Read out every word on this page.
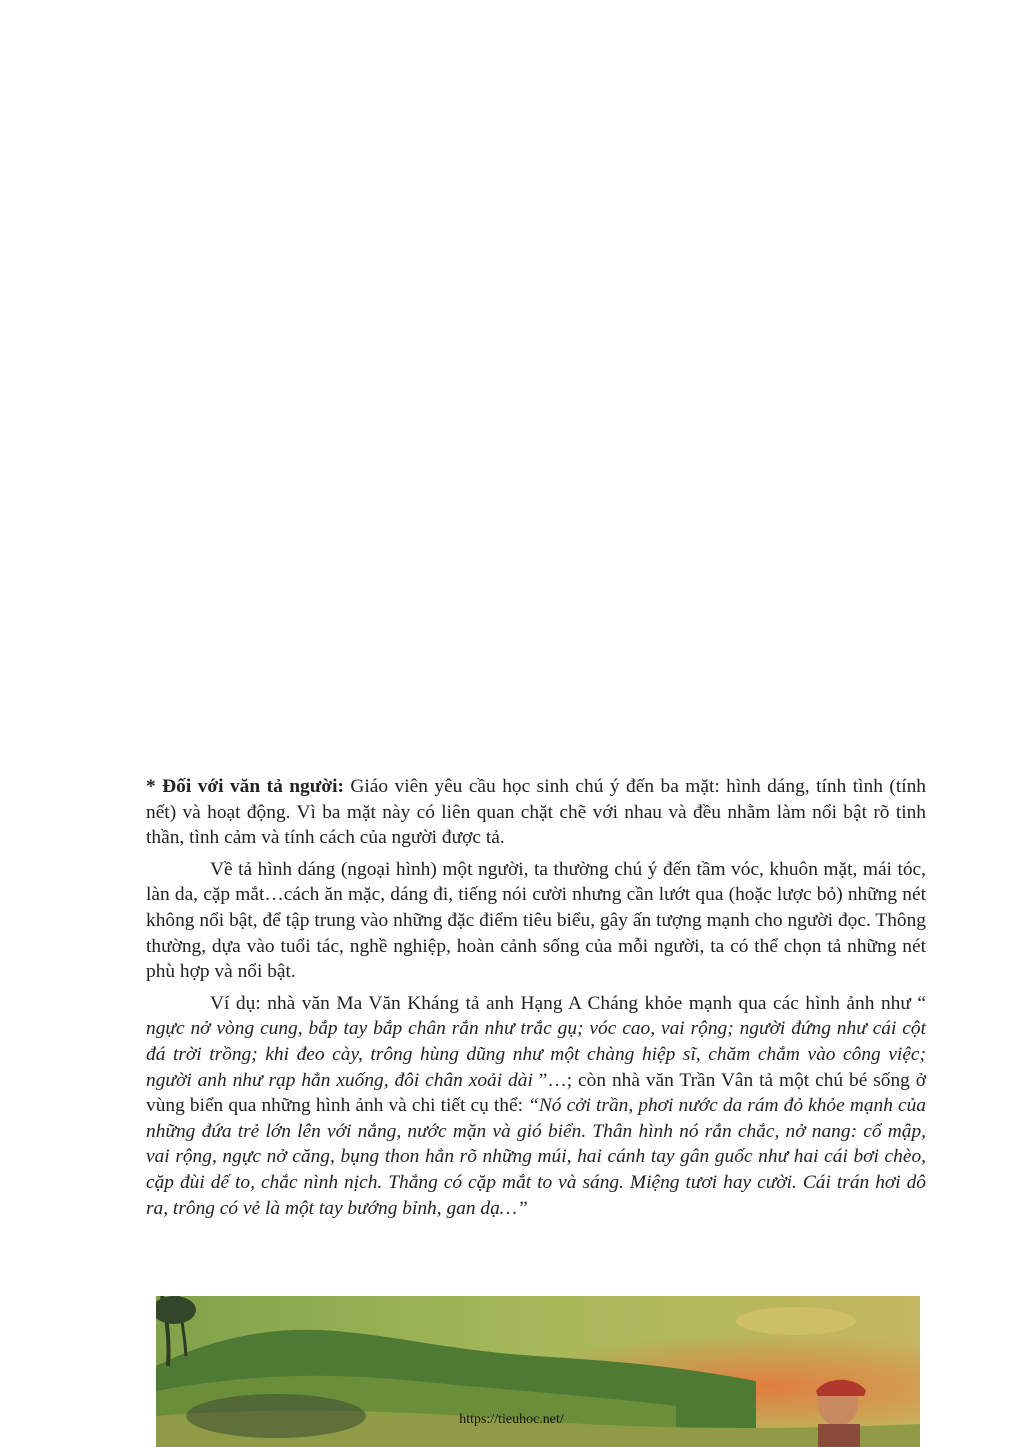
* Đối với văn tả người: Giáo viên yêu cầu học sinh chú ý đến ba mặt: hình dáng, tính tình (tính nết) và hoạt động. Vì ba mặt này có liên quan chặt chẽ với nhau và đều nhằm làm nổi bật rõ tinh thần, tình cảm và tính cách của người được tả.

Về tả hình dáng (ngoại hình) một người, ta thường chú ý đến tầm vóc, khuôn mặt, mái tóc, làn da, cặp mắt…cách ăn mặc, dáng đi, tiếng nói cười nhưng cần lướt qua (hoặc lược bỏ) những nét không nổi bật, để tập trung vào những đặc điểm tiêu biểu, gây ấn tượng mạnh cho người đọc. Thông thường, dựa vào tuổi tác, nghề nghiệp, hoàn cảnh sống của mỗi người, ta có thể chọn tả những nét phù hợp và nổi bật.

Ví dụ: nhà văn Ma Văn Kháng tả anh Hạng A Cháng khỏe mạnh qua các hình ảnh như “ ngực nở vòng cung, bắp tay bắp chân rắn như trắc gụ; vóc cao, vai rộng; người đứng như cái cột đá trời trồng; khi đeo cày, trông hùng dũng như một chàng hiệp sĩ, chăm chắm vào công việc; người anh như rạp hẳn xuống, đôi chân xoải dài ”…; còn nhà văn Trần Vân tả một chú bé sống ở vùng biển qua những hình ảnh và chi tiết cụ thể: “Nó cởi trần, phơi nước da rám đỏ khỏe mạnh của những đứa trẻ lớn lên với nắng, nước mặn và gió biển. Thân hình nó rắn chắc, nở nang: cổ mập, vai rộng, ngực nở căng, bụng thon hẳn rõ những múi, hai cánh tay gân guốc như hai cái bơi chèo, cặp đùi dế to, chắc nình nịch. Thắng có cặp mắt to và sáng. Miệng tươi hay cười. Cái trán hơi dô ra, trông có vẻ là một tay bướng bỉnh, gan dạ…”

https://tieuhoc.net/
